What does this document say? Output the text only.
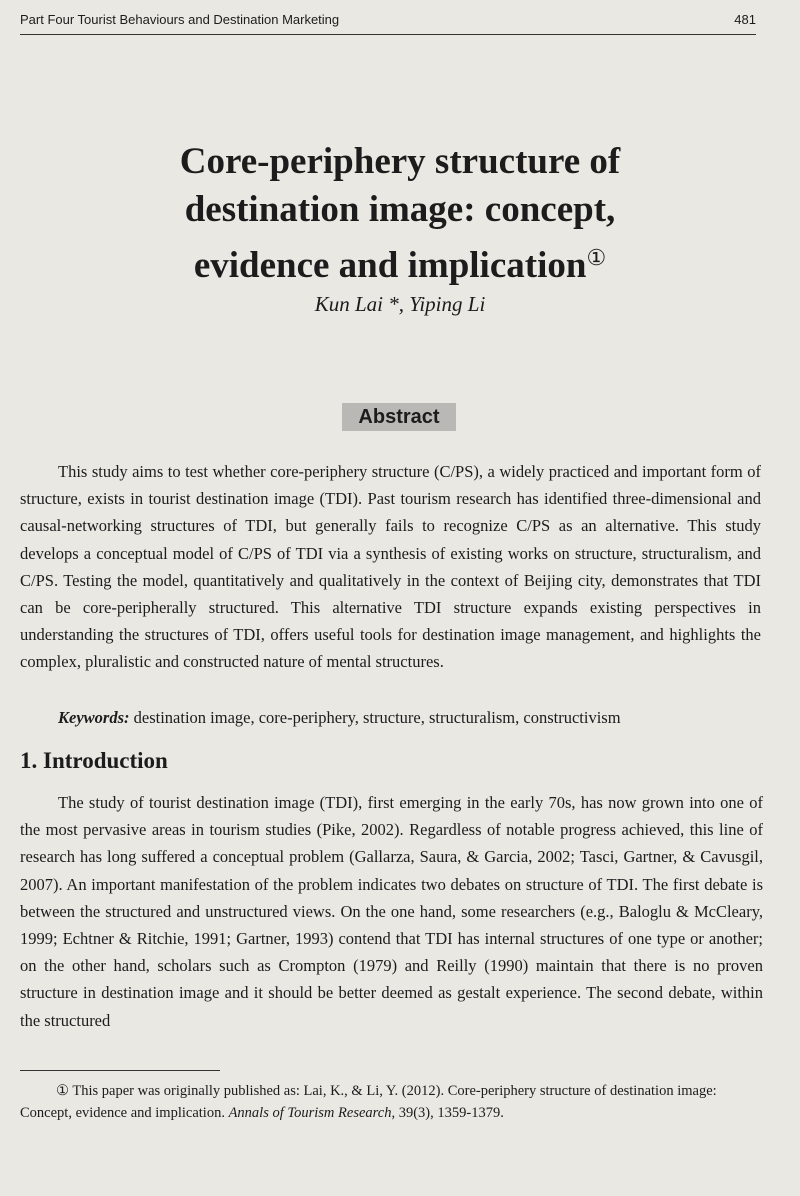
Part Four Tourist Behaviours and Destination Marketing	481
Core-periphery structure of
destination image: concept,
evidence and implication①
Kun Lai *, Yiping Li
Abstract

This study aims to test whether core-periphery structure (C/PS), a widely practiced and important form of structure, exists in tourist destination image (TDI). Past tourism research has identified three-dimensional and causal-networking structures of TDI, but generally fails to recognize C/PS as an alternative. This study develops a conceptual model of C/PS of TDI via a synthesis of existing works on structure, structuralism, and C/PS. Testing the model, quantitatively and qualitatively in the context of Beijing city, demonstrates that TDI can be core-peripherally structured. This alternative TDI structure expands existing perspectives in understanding the structures of TDI, offers useful tools for destination image management, and highlights the complex, pluralistic and constructed nature of mental structures.

Keywords: destination image, core-periphery, structure, structuralism, constructivism

1. Introduction

The study of tourist destination image (TDI), first emerging in the early 70s, has now grown into one of the most pervasive areas in tourism studies (Pike, 2002). Regardless of notable progress achieved, this line of research has long suffered a conceptual problem (Gallarza, Saura, & Garcia, 2002; Tasci, Gartner, & Cavusgil, 2007). An important manifestation of the problem indicates two debates on structure of TDI. The first debate is between the structured and unstructured views. On the one hand, some researchers (e.g., Baloglu & McCleary, 1999; Echtner & Ritchie, 1991; Gartner, 1993) contend that TDI has internal structures of one type or another; on the other hand, scholars such as Crompton (1979) and Reilly (1990) maintain that there is no proven structure in destination image and it should be better deemed as gestalt experience. The second debate, within the structured

① This paper was originally published as: Lai, K., & Li, Y. (2012). Core-periphery structure of destination image: Concept, evidence and implication. Annals of Tourism Research, 39(3), 1359-1379.
